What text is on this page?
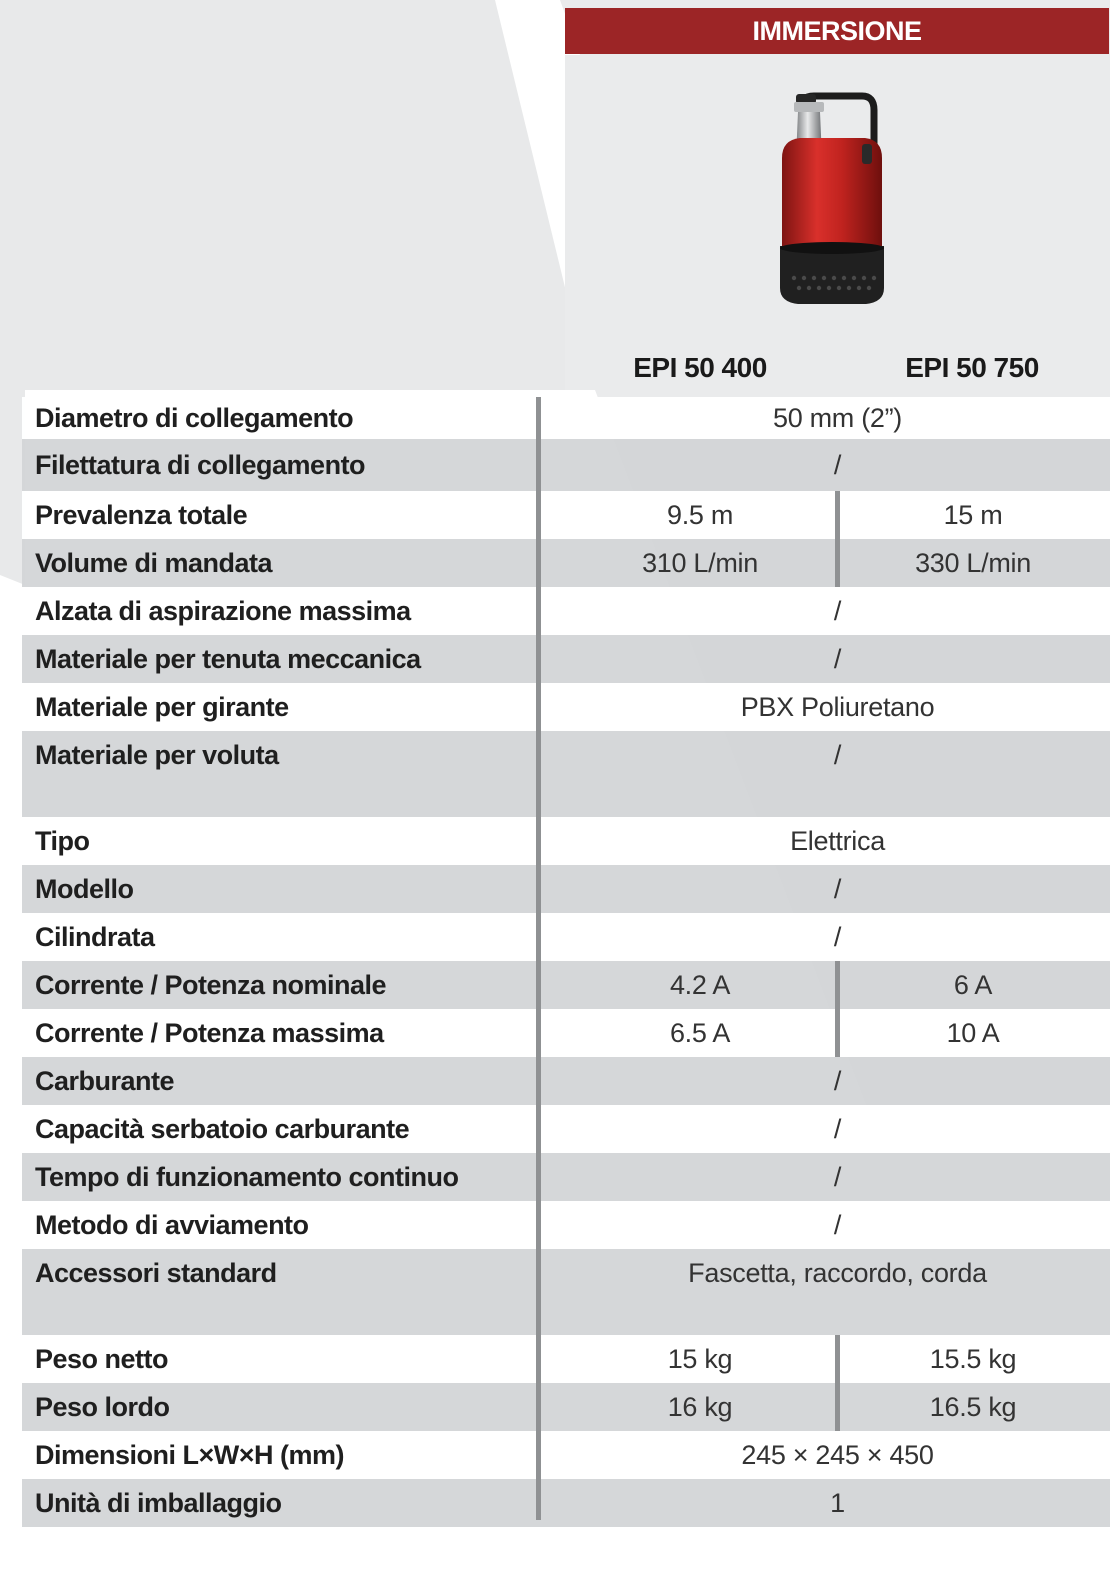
IMMERSIONE
EPI 50 400	EPI 50 750
Diametro di collegamento	50 mm (2”)
Filettatura di collegamento	/
Prevalenza totale	9.5 m	15 m
Volume di mandata	310 L/min	330 L/min
Alzata di aspirazione massima	/
Materiale per tenuta meccanica	/
Materiale per girante	PBX Poliuretano
Materiale per voluta	/
Tipo	Elettrica
Modello	/
Cilindrata	/
Corrente / Potenza nominale	4.2 A	6 A
Corrente / Potenza massima	6.5 A	10 A
Carburante	/
Capacità serbatoio carburante	/
Tempo di funzionamento continuo	/
Metodo di avviamento	/
Accessori standard	Fascetta, raccordo, corda
Peso netto	15 kg	15.5 kg
Peso lordo	16 kg	16.5 kg
Dimensioni L×W×H (mm)	245 × 245 × 450
Unità di imballaggio	1
